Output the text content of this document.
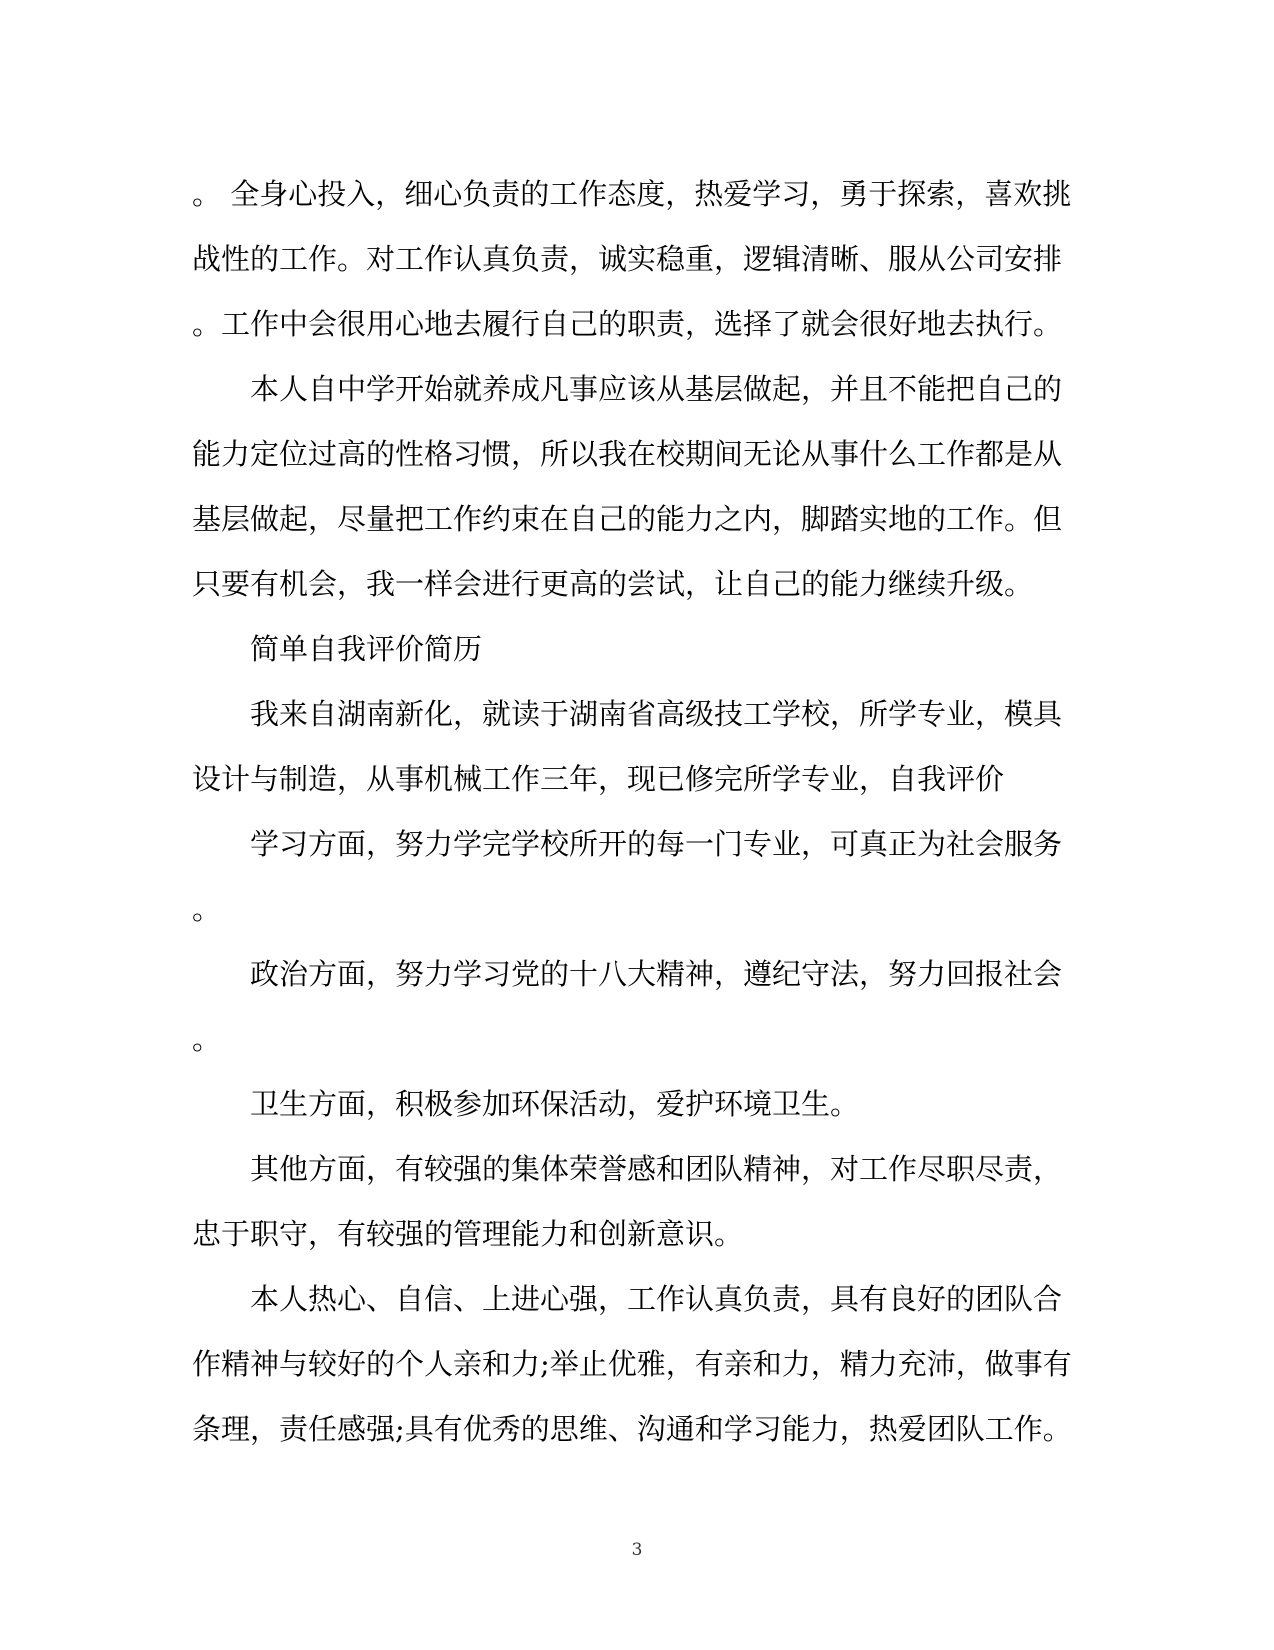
。 全身心投入，细心负责的工作态度，热爱学习，勇于探索，喜欢挑
战性的工作。对工作认真负责，诚实稳重，逻辑清晰、服从公司安排
。工作中会很用心地去履行自己的职责，选择了就会很好地去执行。
本人自中学开始就养成凡事应该从基层做起，并且不能把自己的
能力定位过高的性格习惯，所以我在校期间无论从事什么工作都是从
基层做起，尽量把工作约束在自己的能力之内，脚踏实地的工作。但
只要有机会，我一样会进行更高的尝试，让自己的能力继续升级。
简单自我评价简历
我来自湖南新化，就读于湖南省高级技工学校，所学专业，模具
设计与制造，从事机械工作三年，现已修完所学专业，自我评价
学习方面，努力学完学校所开的每一门专业，可真正为社会服务
。
政治方面，努力学习党的十八大精神，遵纪守法，努力回报社会
。
卫生方面，积极参加环保活动，爱护环境卫生。
其他方面，有较强的集体荣誉感和团队精神，对工作尽职尽责，
忠于职守，有较强的管理能力和创新意识。
本人热心、自信、上进心强，工作认真负责，具有良好的团队合
作精神与较好的个人亲和力;举止优雅，有亲和力，精力充沛，做事有
条理，责任感强;具有优秀的思维、沟通和学习能力，热爱团队工作。
3
